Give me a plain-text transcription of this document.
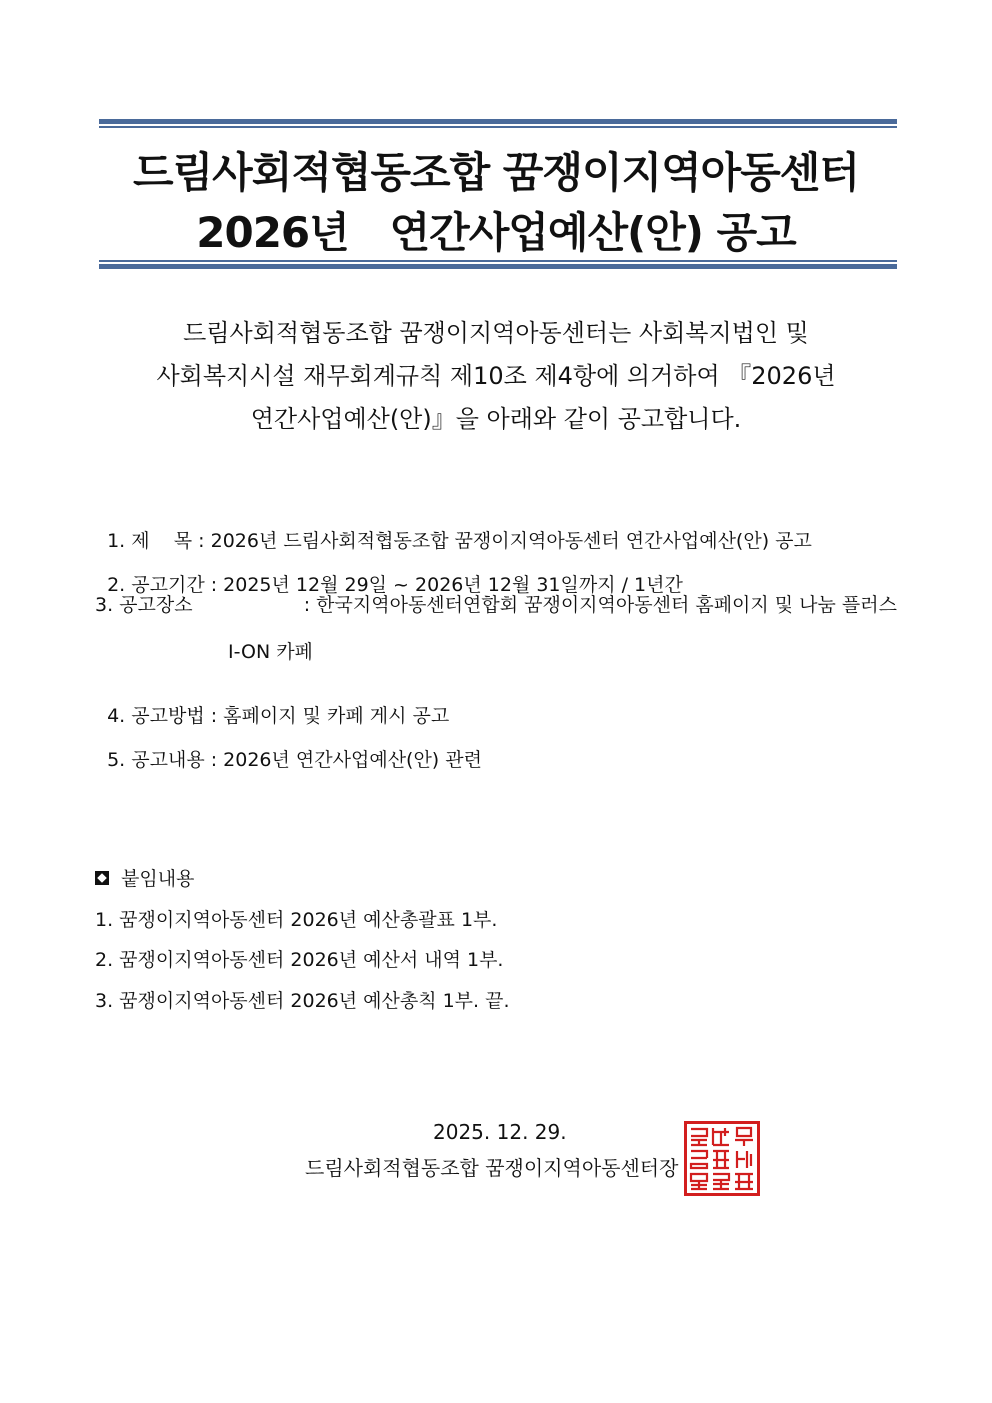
드림사회적협동조합 꿈쟁이지역아동센터
2026년   연간사업예산(안) 공고
드림사회적협동조합 꿈쟁이지역아동센터는 사회복지법인 및
사회복지시설 재무회계규칙 제10조 제4항에 의거하여 『2026년
연간사업예산(안)』을 아래와 같이 공고합니다.

1. 제    목 : 2026년 드림사회적협동조합 꿈쟁이지역아동센터 연간사업예산(안) 공고

2. 공고기간 : 2025년 12월 29일 ~ 2026년 12월 31일까지 / 1년간

3. 공고장소	: 한국지역아동센터연합회 꿈쟁이지역아동센터 홈페이지 및 나눔 플러스
I-ON 카페

4. 공고방법 : 홈페이지 및 카페 게시 공고

5. 공고내용 : 2026년 연간사업예산(안) 관련

붙임내용
1. 꿈쟁이지역아동센터 2026년 예산총괄표 1부.
2. 꿈쟁이지역아동센터 2026년 예산서 내역 1부.
3. 꿈쟁이지역아동센터 2026년 예산총칙 1부. 끝.
2025. 12. 29.
드림사회적협동조합 꿈쟁이지역아동센터장
